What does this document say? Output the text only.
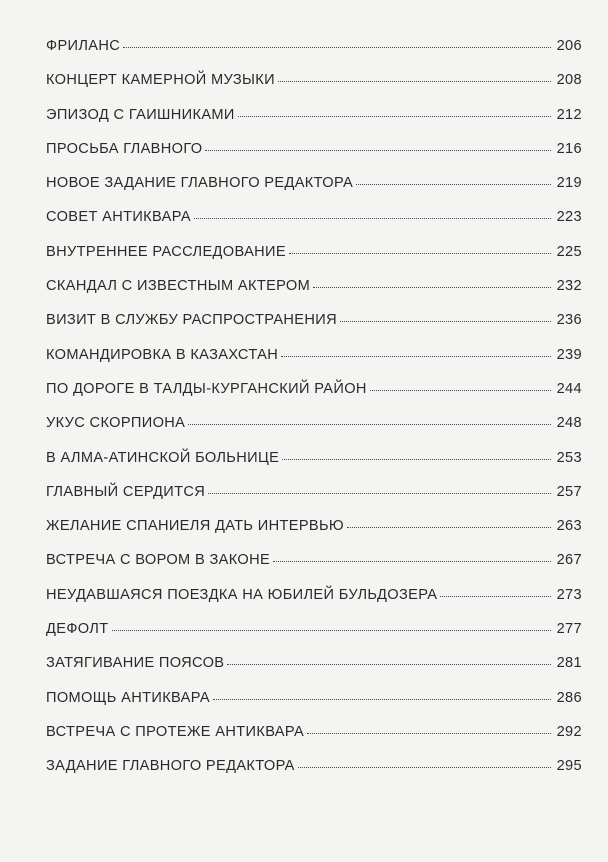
ФРИЛАНС	206
КОНЦЕРТ КАМЕРНОЙ МУЗЫКИ	208
ЭПИЗОД С ГАИШНИКАМИ	212
ПРОСЬБА ГЛАВНОГО	216
НОВОЕ ЗАДАНИЕ ГЛАВНОГО РЕДАКТОРА	219
СОВЕТ АНТИКВАРА	223
ВНУТРЕННЕЕ РАССЛЕДОВАНИЕ	225
СКАНДАЛ С ИЗВЕСТНЫМ АКТЕРОМ	232
ВИЗИТ В СЛУЖБУ РАСПРОСТРАНЕНИЯ	236
КОМАНДИРОВКА В КАЗАХСТАН	239
ПО ДОРОГЕ В ТАЛДЫ-КУРГАНСКИЙ РАЙОН	244
УКУС СКОРПИОНА	248
В АЛМА-АТИНСКОЙ БОЛЬНИЦЕ	253
ГЛАВНЫЙ СЕРДИТСЯ	257
ЖЕЛАНИЕ СПАНИЕЛЯ ДАТЬ ИНТЕРВЬЮ	263
ВСТРЕЧА С ВОРОМ В ЗАКОНЕ	267
НЕУДАВШАЯСЯ ПОЕЗДКА НА ЮБИЛЕЙ БУЛЬДОЗЕРА	273
ДЕФОЛТ	277
ЗАТЯГИВАНИЕ ПОЯСОВ	281
ПОМОЩЬ АНТИКВАРА	286
ВСТРЕЧА С ПРОТЕЖЕ АНТИКВАРА	292
ЗАДАНИЕ ГЛАВНОГО РЕДАКТОРА	295
